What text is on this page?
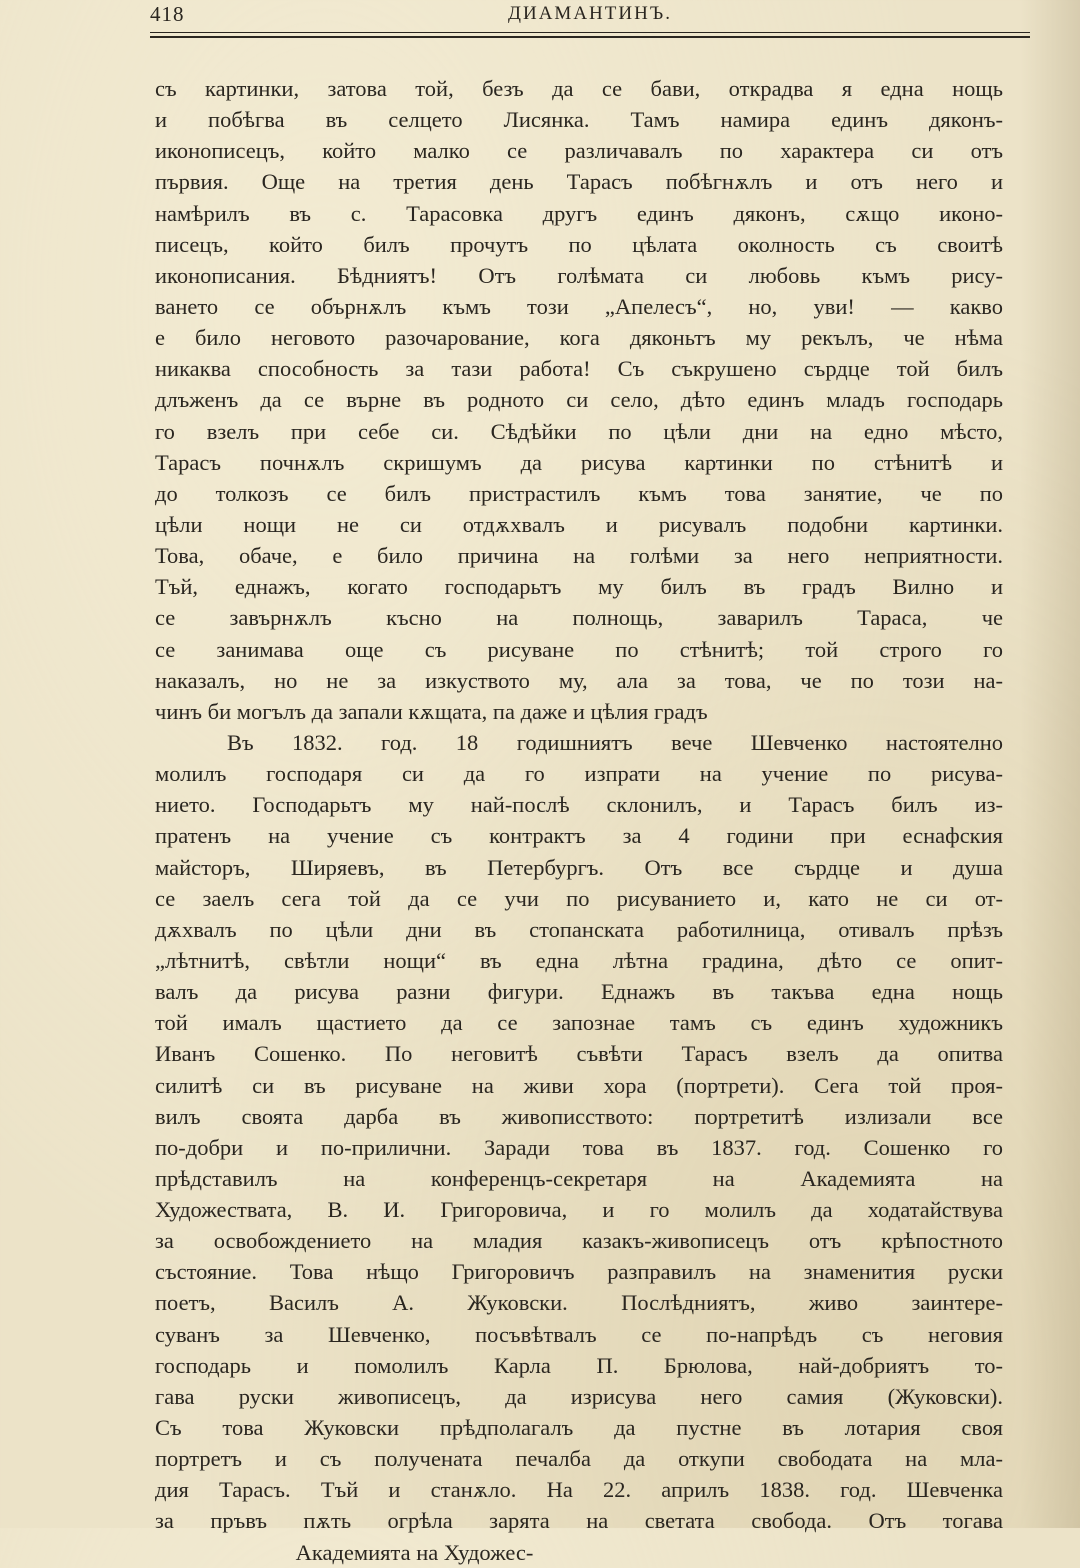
418	ДИАМАНТИНЪ.
съ картинки, затова той, безъ да се бави, открадва я една нощь
и побѣгва въ селцето Лисянка. Тамъ намира единъ дяконъ-
иконописецъ, който малко се различавалъ по характера си отъ
първия. Още на третия день Тарасъ побѣгнѫлъ и отъ него и
намѣрилъ въ с. Тарасовка другъ единъ дяконъ, сѫщо иконо-
писецъ, който билъ прочутъ по цѣлата околность съ своитѣ
иконописания. Бѣдниятъ! Отъ голѣмата си любовь къмъ рису-
ването се обърнѫлъ къмъ този „Апелесъ“, но, уви! — какво
е било неговото разочарование, кога дяконьтъ му рекълъ, че нѣма
никаква способность за тази работа! Съ съкрушено сърдце той билъ
длъженъ да се върне въ родното си село, дѣто единъ младъ господарь
го взелъ при себе си. Сѣдѣйки по цѣли дни на едно мѣсто,
Тарасъ почнѫлъ скришумъ да рисува картинки по стѣнитѣ и
до толкозъ се билъ пристрастилъ къмъ това занятие, че по
цѣли нощи не си отдѫхвалъ и рисувалъ подобни картинки.
Това, обаче, е било причина на голѣми за него неприятности.
Тъй, еднажъ, когато господарьтъ му билъ въ градъ Вилно и
се завърнѫлъ късно на полнощь, заварилъ Тараса, че
се занимава още съ рисуване по стѣнитѣ; той строго го
наказалъ, но не за изкуството му, ала за това, че по този на-
чинъ би могълъ да запали кѫщата, па даже и цѣлия градъ
Въ 1832. год. 18 годишниятъ вече Шевченко настоятелно
молилъ господаря си да го изпрати на учение по рисува-
нието. Господарьтъ му най-послѣ склонилъ, и Тарасъ билъ из-
пратенъ на учение съ контрактъ за 4 години при еснафския
майсторъ, Ширяевъ, въ Петербургъ. Отъ все сърдце и душа
се заелъ сега той да се учи по рисуванието и, като не си от-
дѫхвалъ по цѣли дни въ стопанската работилница, отивалъ прѣзъ
„лѣтнитѣ, свѣтли нощи“ въ една лѣтна градина, дѣто се опит-
валъ да рисува разни фигури. Еднажъ въ такъва една нощь
той ималъ щастието да се запознае тамъ съ единъ художникъ
Иванъ Сошенко. По неговитѣ съвѣти Тарасъ взелъ да опитва
силитѣ си въ рисуване на живи хора (портрети). Сега той проя-
вилъ своята дарба въ живописството: портретитѣ излизали все
по-добри и по-прилични. Заради това въ 1837. год. Сошенко го
прѣдставилъ на конференцъ-секретаря на Академията на
Художествата, В. И. Григоровича, и го молилъ да ходатайствува
за освобождението на младия казакъ-живописецъ отъ крѣпостното
състояние. Това нѣщо Григоровичъ разправилъ на знаменития руски
поетъ, Василъ А. Жуковски. Послѣдниятъ, живо заинтере-
суванъ за Шевченко, посъвѣтвалъ се по-напрѣдъ съ неговия
господарь и помолилъ Карла П. Брюлова, най-добриятъ то-
гава руски живописецъ, да изрисува него самия (Жуковски).
Съ това Жуковски прѣдполагалъ да пустне въ лотария своя
портретъ и съ получената печалба да откупи свободата на мла-
дия Тарасъ. Тъй и станѫло. На 22. априлъ 1838. год. Шевченка
за пръвъ пѫть огрѣла зарята на светата свобода. Отъ тогава
Академията на Художес-
